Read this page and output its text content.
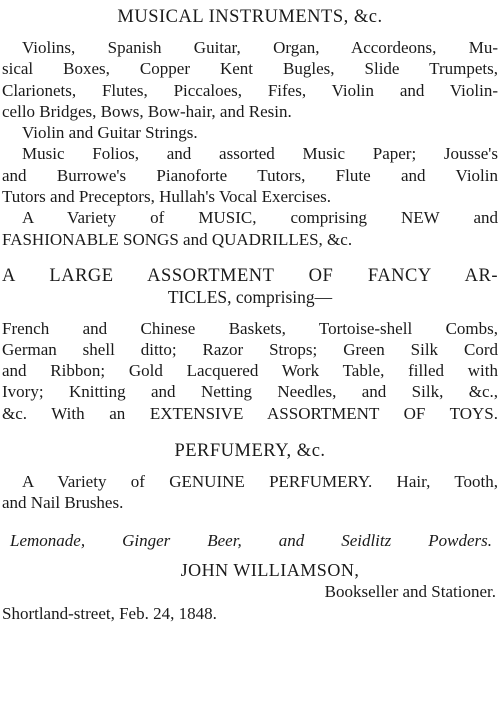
MUSICAL INSTRUMENTS, &c.

Violins, Spanish Guitar, Organ, Accordeons, Mu-

sical Boxes, Copper Kent Bugles, Slide Trumpets,

Clarionets, Flutes, Piccaloes, Fifes, Violin and Violin-

cello Bridges, Bows, Bow-hair, and Resin.

Violin and Guitar Strings.

Music Folios, and assorted Music Paper; Jousse's

and Burrowe's Pianoforte Tutors, Flute and Violin

Tutors and Preceptors, Hullah's Vocal Exercises.

A Variety of MUSIC, comprising NEW and

FASHIONABLE SONGS and QUADRILLES, &c.

A LARGE ASSORTMENT OF FANCY AR-

TICLES, comprising—

French and Chinese Baskets, Tortoise-shell Combs,

German shell ditto; Razor Strops; Green Silk Cord

and Ribbon; Gold Lacquered Work Table, filled with

Ivory; Knitting and Netting Needles, and Silk, &c.,

&c. With an EXTENSIVE ASSORTMENT OF TOYS.

PERFUMERY, &c.

A Variety of GENUINE PERFUMERY. Hair, Tooth,

and Nail Brushes.

Lemonade, Ginger Beer, and Seidlitz Powders.

JOHN WILLIAMSON,

Bookseller and Stationer.

Shortland-street, Feb. 24, 1848.
